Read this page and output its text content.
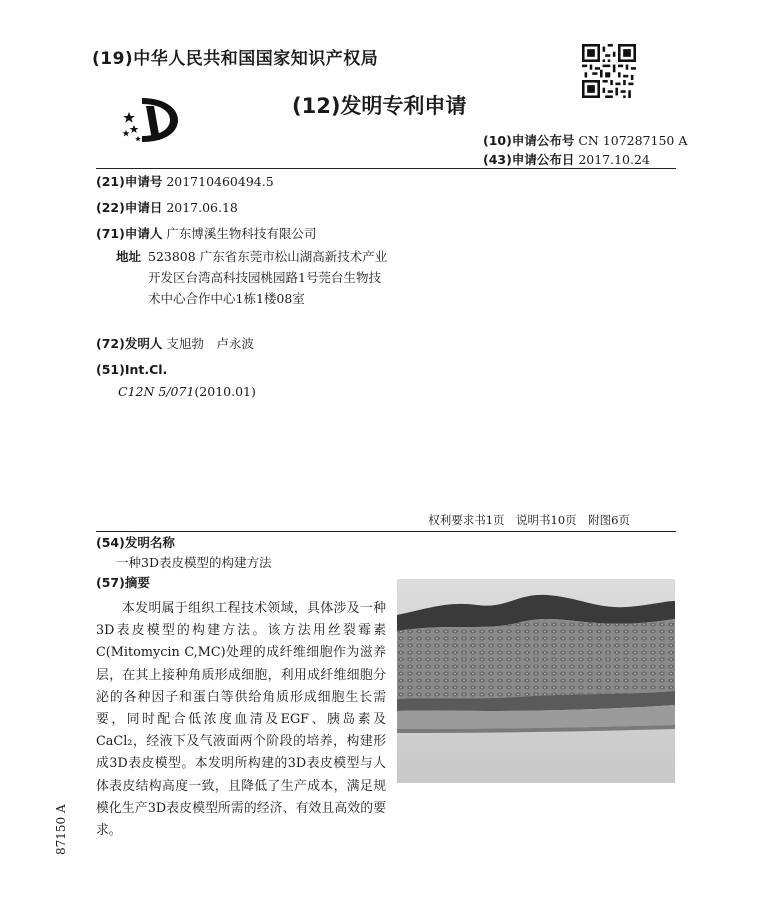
(19)中华人民共和国国家知识产权局
(12)发明专利申请
(10)申请公布号 CN 107287150 A
(43)申请公布日 2017.10.24
(21)申请号 201710460494.5
(22)申请日 2017.06.18
(71)申请人 广东博溪生物科技有限公司
地址 523808 广东省东莞市松山湖高新技术产业开发区台湾高科技园桃园路1号莞台生物技术中心合作中心1栋1楼08室
(72)发明人 支旭勃　卢永波
(51)Int.Cl.
C12N 5/071(2010.01)
权利要求书1页　说明书10页　附图6页
(54)发明名称
一种3D表皮模型的构建方法
(57)摘要
本发明属于组织工程技术领域，具体涉及一种3D表皮模型的构建方法。该方法用丝裂霉素C(Mitomycin C,MC)处理的成纤维细胞作为滋养层，在其上接种角质形成细胞，利用成纤维细胞分泌的各种因子和蛋白等供给角质形成细胞生长需要，同时配合低浓度血清及EGF、胰岛素及CaCl₂，经液下及气液面两个阶段的培养，构建形成3D表皮模型。本发明所构建的3D表皮模型与人体表皮结构高度一致，且降低了生产成本，满足规模化生产3D表皮模型所需的经济、有效且高效的要求。
87150 A
